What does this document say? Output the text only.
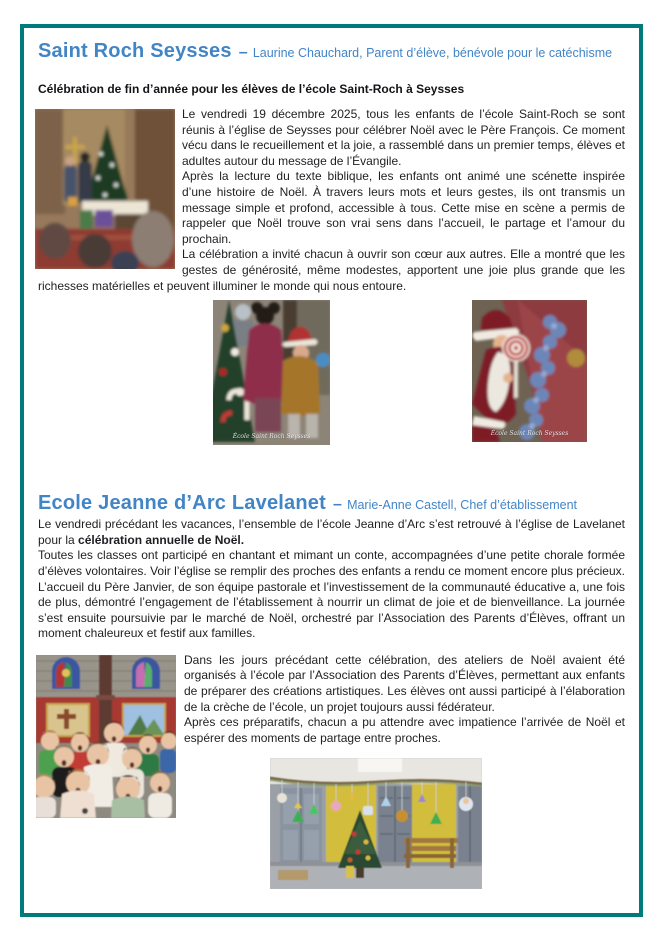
Saint Roch Seysses – Laurine Chauchard, Parent d’élève, bénévole pour le catéchisme

Célébration de fin d’année pour les élèves de l’école Saint-Roch à Seysses

Le vendredi 19 décembre 2025, tous les enfants de l’école Saint-Roch se sont réunis à l’église de Seysses pour célébrer Noël avec le Père François. Ce moment vécu dans le recueillement et la joie, a rassemblé dans un premier temps, élèves et adultes autour du message de l’Évangile.

Après la lecture du texte biblique, les enfants ont animé une scénette inspirée d’une histoire de Noël. À travers leurs mots et leurs gestes, ils ont transmis un message simple et profond, accessible à tous. Cette mise en scène a permis de rappeler que Noël trouve son vrai sens dans l’accueil, le partage et l’amour du prochain.

La célébration a invité chacun à ouvrir son cœur aux autres. Elle a montré que les gestes de générosité, même modestes, apportent une joie plus grande que les richesses matérielles et peuvent illuminer le monde qui nous entoure.

École Saint Roch Seysses	École Saint Roch Seysses
Ecole Jeanne d’Arc Lavelanet – Marie-Anne Castell, Chef d’établissement

Le vendredi précédant les vacances, l’ensemble de l’école Jeanne d’Arc s’est retrouvé à l’église de Lavelanet pour la célébration annuelle de Noël.

Toutes les classes ont participé en chantant et mimant un conte, accompagnées d’une petite chorale formée d’élèves volontaires. Voir l’église se remplir des proches des enfants a rendu ce moment encore plus précieux. L’accueil du Père Janvier, de son équipe pastorale et l’investissement de la communauté éducative a, une fois de plus, démontré l’engagement de l’établissement à nourrir un climat de joie et de bienveillance. La journée s’est ensuite poursuivie par le marché de Noël, orchestré par l’Association des Parents d’Élèves, offrant un moment chaleureux et festif aux familles.

Dans les jours précédant cette célébration, des ateliers de Noël avaient été organisés à l’école par l’Association des Parents d’Élèves, permettant aux enfants de préparer des créations artistiques. Les élèves ont aussi participé à l’élaboration de la crèche de l’école, un projet toujours aussi fédérateur.

Après ces préparatifs, chacun a pu attendre avec impatience l’arrivée de Noël et espérer des moments de partage entre proches.
